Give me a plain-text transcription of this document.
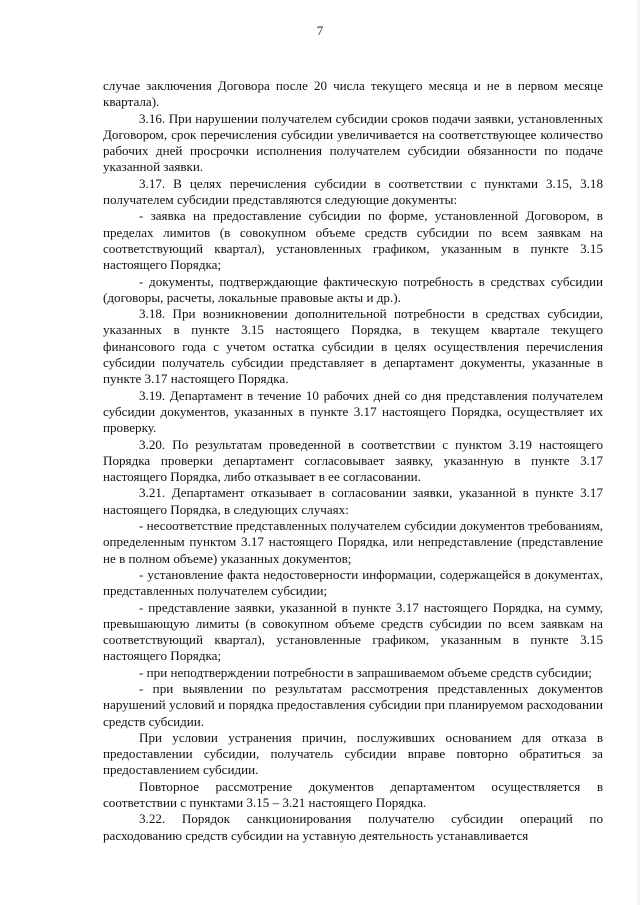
7

случае заключения Договора после 20 числа текущего месяца и не в первом месяце квартала).

3.16. При нарушении получателем субсидии сроков подачи заявки, установленных Договором, срок перечисления субсидии увеличивается на соответствующее количество рабочих дней просрочки исполнения получателем субсидии обязанности по подаче указанной заявки.

3.17. В целях перечисления субсидии в соответствии с пунктами 3.15, 3.18 получателем субсидии представляются следующие документы:

- заявка на предоставление субсидии по форме, установленной Договором, в пределах лимитов (в совокупном объеме средств субсидии по всем заявкам на соответствующий квартал), установленных графиком, указанным в пункте 3.15 настоящего Порядка;

- документы, подтверждающие фактическую потребность в средствах субсидии (договоры, расчеты, локальные правовые акты и др.).

3.18. При возникновении дополнительной потребности в средствах субсидии, указанных в пункте 3.15 настоящего Порядка, в текущем квартале текущего финансового года с учетом остатка субсидии в целях осуществления перечисления субсидии получатель субсидии представляет в департамент документы, указанные в пункте 3.17 настоящего Порядка.

3.19. Департамент в течение 10 рабочих дней со дня представления получателем субсидии документов, указанных в пункте 3.17 настоящего Порядка, осуществляет их проверку.

3.20. По результатам проведенной в соответствии с пунктом 3.19 настоящего Порядка проверки департамент согласовывает заявку, указанную в пункте 3.17 настоящего Порядка, либо отказывает в ее согласовании.

3.21. Департамент отказывает в согласовании заявки, указанной в пункте 3.17 настоящего Порядка, в следующих случаях:

- несоответствие представленных получателем субсидии документов требованиям, определенным пунктом 3.17 настоящего Порядка, или непредставление (представление не в полном объеме) указанных документов;

- установление факта недостоверности информации, содержащейся в документах, представленных получателем субсидии;

- представление заявки, указанной в пункте 3.17 настоящего Порядка, на сумму, превышающую лимиты (в совокупном объеме средств субсидии по всем заявкам на соответствующий квартал), установленные графиком, указанным в пункте 3.15 настоящего Порядка;

- при неподтверждении потребности в запрашиваемом объеме средств субсидии;

- при выявлении по результатам рассмотрения представленных документов нарушений условий и порядка предоставления субсидии при планируемом расходовании средств субсидии.

При условии устранения причин, послуживших основанием для отказа в предоставлении субсидии, получатель субсидии вправе повторно обратиться за предоставлением субсидии.

Повторное рассмотрение документов департаментом осуществляется в соответствии с пунктами 3.15 – 3.21 настоящего Порядка.

3.22. Порядок санкционирования получателю субсидии операций по расходованию средств субсидии на уставную деятельность устанавливается
